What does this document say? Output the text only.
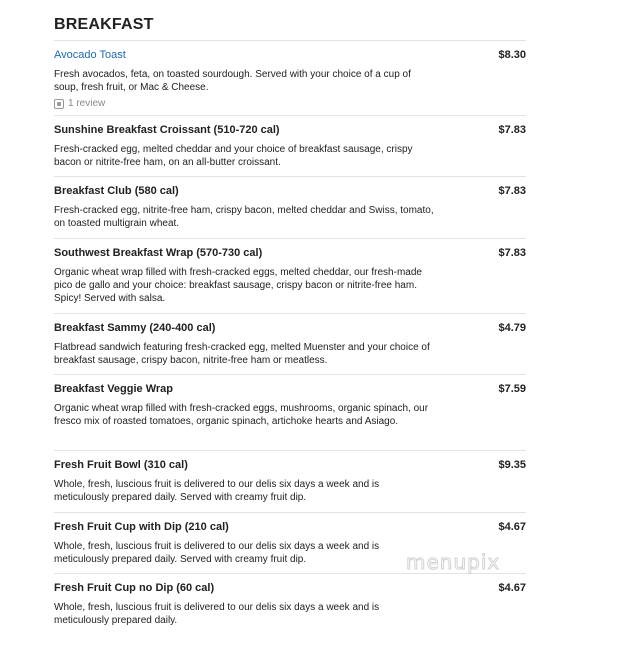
BREAKFAST
Avocado Toast	$8.30
Fresh avocados, feta, on toasted sourdough. Served with your choice of a cup of soup, fresh fruit, or Mac & Cheese.
1 review
Sunshine Breakfast Croissant (510-720 cal)	$7.83
Fresh-cracked egg, melted cheddar and your choice of breakfast sausage, crispy bacon or nitrite-free ham, on an all-butter croissant.
Breakfast Club (580 cal)	$7.83
Fresh-cracked egg, nitrite-free ham, crispy bacon, melted cheddar and Swiss, tomato, on toasted multigrain wheat.
Southwest Breakfast Wrap (570-730 cal)	$7.83
Organic wheat wrap filled with fresh-cracked eggs, melted cheddar, our fresh-made pico de gallo and your choice: breakfast sausage, crispy bacon or nitrite-free ham. Spicy! Served with salsa.
Breakfast Sammy (240-400 cal)	$4.79
Flatbread sandwich featuring fresh-cracked egg, melted Muenster and your choice of breakfast sausage, crispy bacon, nitrite-free ham or meatless.
Breakfast Veggie Wrap	$7.59
Organic wheat wrap filled with fresh-cracked eggs, mushrooms, organic spinach, our fresco mix of roasted tomatoes, organic spinach, artichoke hearts and Asiago.
Fresh Fruit Bowl (310 cal)	$9.35
Whole, fresh, luscious fruit is delivered to our delis six days a week and is meticulously prepared daily. Served with creamy fruit dip.
Fresh Fruit Cup with Dip (210 cal)	$4.67
Whole, fresh, luscious fruit is delivered to our delis six days a week and is meticulously prepared daily. Served with creamy fruit dip.
Fresh Fruit Cup no Dip (60 cal)	$4.67
Whole, fresh, luscious fruit is delivered to our delis six days a week and is meticulously prepared daily.
menupix
